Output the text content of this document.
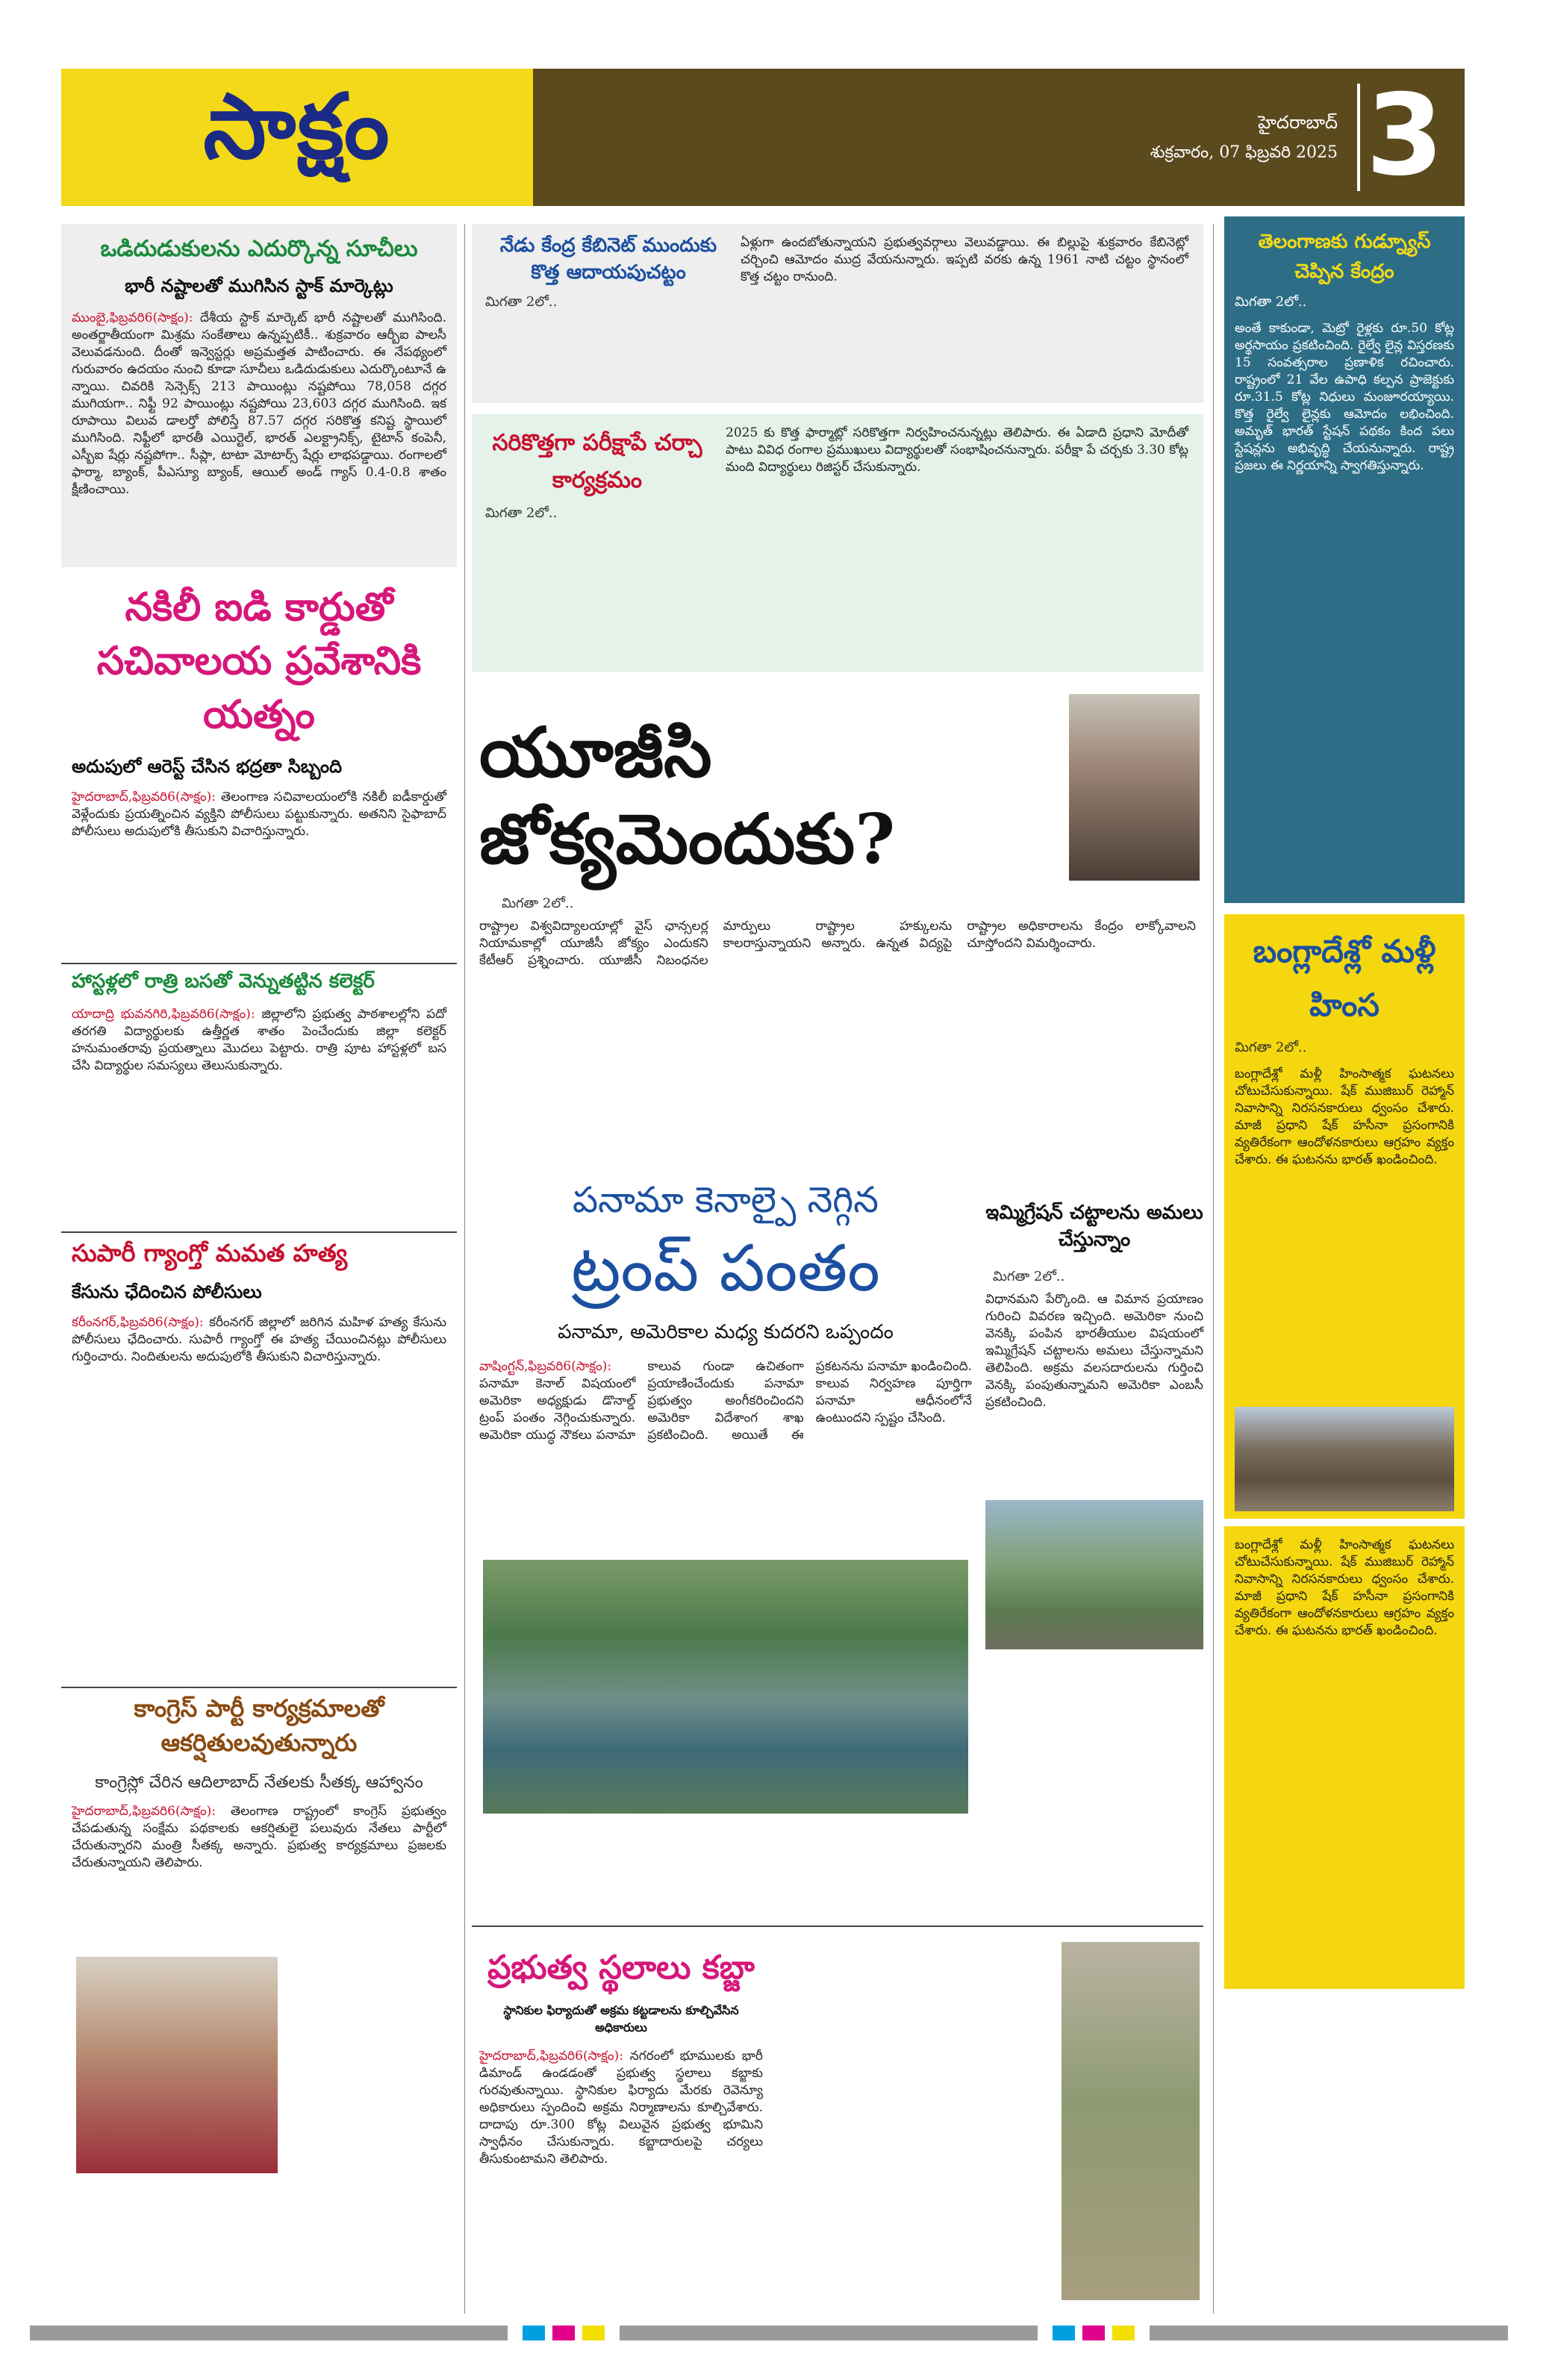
సాక్షం	హైదరాబాద్
శుక్రవారం, 07 ఫిబ్రవరి 2025 3
ఒడిదుడుకులను ఎదుర్కొన్న సూచీలు
భారీ నష్టాలతో ముగిసిన స్టాక్ మార్కెట్లు
ముంబై,ఫిబ్రవరి6(సాక్షం): దేశీయ స్టాక్ మార్కెట్ భారీ నష్టాలతో ముగిసింది. అంతర్జాతీయంగా మిశ్రమ సంకేతాలు ఉన్నప్పటికీ.. శుక్రవారం ఆర్బీఐ పాలసీ వెలువడనుంది. దీంతో ఇన్వెస్టర్లు అప్రమత్తత పాటించారు. ఈ నేపథ్యంలో గురువారం ఉదయం నుంచి కూడా సూచీలు ఒడిదుడుకులు ఎదుర్కొంటూనే ఉ న్నాయి. చివరికి సెన్సెక్స్ 213 పాయింట్లు నష్టపోయి 78,058 దగ్గర ముగియగా.. నిఫ్టీ 92 పాయింట్లు నష్టపోయి 23,603 దగ్గర ముగిసింది. ఇక రూపాయి విలువ డాలర్తో పోలిస్తే 87.57 దగ్గర సరికొత్త కనిష్ట స్థాయిలో ముగిసింది. నిఫ్టీలో భారతీ ఎయిర్టెల్, భారత్ ఎలక్ట్రానిక్స్, టైటాన్ కంపెనీ, ఎస్బీఐ షేర్లు నష్టపోగా.. సీప్లా, టాటా మోటార్స్ షేర్లు లాభపడ్డాయి. రంగాలలో ఫార్మా, బ్యాంక్, పీఎస్యూ బ్యాంక్, ఆయిల్ అండ్ గ్యాస్ 0.4-0.8 శాతం క్షీణించాయి.
నకిలీ ఐడి కార్డుతో సచివాలయ ప్రవేశానికి యత్నం
అదుపులో ఆరెస్ట్ చేసిన భద్రతా సిబ్బంది
హైదరాబాద్,ఫిబ్రవరి6(సాక్షం): తెలంగాణ సచివాలయంలోకి నకిలీ ఐడీకార్డుతో వెళ్లేందుకు ప్రయత్నించిన వ్యక్తిని పోలీసులు పట్టుకున్నారు. అతనిని సైఫాబాద్ పోలీసులు అదుపులోకి తీసుకుని విచారిస్తున్నారు.
హాస్టళ్లలో రాత్రి బసతో వెన్నుతట్టిన కలెక్టర్
యాదాద్రి భువనగిరి,ఫిబ్రవరి6(సాక్షం): జిల్లాలోని ప్రభుత్వ పాఠశాలల్లోని పదో తరగతి విద్యార్థులకు ఉత్తీర్ణత శాతం పెంచేందుకు జిల్లా కలెక్టర్ హనుమంతరావు ప్రయత్నాలు మొదలు పెట్టారు. రాత్రి పూట హాస్టళ్లలో బస చేసి విద్యార్థుల సమస్యలు తెలుసుకున్నారు.
సుపారీ గ్యాంగ్తో మమత హత్య
కేసును ఛేదించిన పోలీసులు
కరీంనగర్,ఫిబ్రవరి6(సాక్షం): కరీంనగర్ జిల్లాలో జరిగిన మహిళ హత్య కేసును పోలీసులు ఛేదించారు. సుపారీ గ్యాంగ్తో ఈ హత్య చేయించినట్లు పోలీసులు గుర్తించారు. నిందితులను అదుపులోకి తీసుకుని విచారిస్తున్నారు.
కాంగ్రెస్ పార్టీ కార్యక్రమాలతో ఆకర్షితులవుతున్నారు
కాంగ్రెస్లో చేరిన ఆదిలాబాద్ నేతలకు సీతక్క ఆహ్వానం
హైదరాబాద్,ఫిబ్రవరి6(సాక్షం): తెలంగాణ రాష్ట్రంలో కాంగ్రెస్ ప్రభుత్వం చేపడుతున్న సంక్షేమ పథకాలకు ఆకర్షితులై పలువురు నేతలు పార్టీలో చేరుతున్నారని మంత్రి సీతక్క అన్నారు. ప్రభుత్వ కార్యక్రమాలు ప్రజలకు చేరుతున్నాయని తెలిపారు.
నేడు కేంద్ర కేబినెట్ ముందుకు కొత్త ఆదాయపుచట్టం
మిగతా 2లో..
ఏళ్లుగా ఉందబోతున్నాయని ప్రభుత్వవర్గాలు వెలువడ్డాయి. ఈ బిల్లుపై శుక్రవారం కేబినెట్లో చర్చించి ఆమోదం ముద్ర వేయనున్నారు. ఇప్పటి వరకు ఉన్న 1961 నాటి చట్టం స్థానంలో కొత్త చట్టం రానుంది.
సరికొత్తగా పరీక్షాపే చర్చా కార్యక్రమం
మిగతా 2లో..
2025 కు కొత్త ఫార్మాట్లో సరికొత్తగా నిర్వహించనున్నట్లు తెలిపారు. ఈ ఏడాది ప్రధాని మోదీతో పాటు వివిధ రంగాల ప్రముఖులు విద్యార్థులతో సంభాషించనున్నారు. పరీక్షా పే చర్చకు 3.30 కోట్ల మంది విద్యార్థులు రిజిస్టర్ చేసుకున్నారు.
యూజీసి జోక్యమెందుకు?
మిగతా 2లో..
రాష్ట్రాల విశ్వవిద్యాలయాల్లో వైస్ ఛాన్సలర్ల నియామకాల్లో యూజీసీ జోక్యం ఎందుకని కేటీఆర్ ప్రశ్నించారు. యూజీసీ నిబంధనల మార్పులు రాష్ట్రాల హక్కులను కాలరాస్తున్నాయని అన్నారు. ఉన్నత విద్యపై రాష్ట్రాల అధికారాలను కేంద్రం లాక్కోవాలని చూస్తోందని విమర్శించారు.
పనామా కెనాల్పై నెగ్గిన
ట్రంప్ పంతం
పనామా, అమెరికాల మధ్య కుదరని ఒప్పందం
వాషింగ్టన్,ఫిబ్రవరి6(సాక్షం): పనామా కెనాల్ విషయంలో అమెరికా అధ్యక్షుడు డొనాల్డ్ ట్రంప్ పంతం నెగ్గించుకున్నారు. అమెరికా యుద్ధ నౌకలు పనామా కాలువ గుండా ఉచితంగా ప్రయాణించేందుకు పనామా ప్రభుత్వం అంగీకరించిందని అమెరికా విదేశాంగ శాఖ ప్రకటించింది. అయితే ఈ ప్రకటనను పనామా ఖండించింది. కాలువ నిర్వహణ పూర్తిగా పనామా ఆధీనంలోనే ఉంటుందని స్పష్టం చేసింది.
ఇమ్మిగ్రేషన్ చట్టాలను అమలు చేస్తున్నాం
మిగతా 2లో..
విధానమని పేర్కొంది. ఆ విమాన ప్రయాణం గురించి వివరణ ఇచ్చింది. అమెరికా నుంచి వెనక్కి పంపిన భారతీయుల విషయంలో ఇమ్మిగ్రేషన్ చట్టాలను అమలు చేస్తున్నామని తెలిపింది. అక్రమ వలసదారులను గుర్తించి వెనక్కి పంపుతున్నామని అమెరికా ఎంబసీ ప్రకటించింది.
ప్రభుత్వ స్థలాలు కబ్జా
స్థానికుల ఫిర్యాదుతో అక్రమ కట్టడాలను కూల్చివేసిన అధికారులు
హైదరాబాద్,ఫిబ్రవరి6(సాక్షం): నగరంలో భూములకు భారీ డిమాండ్ ఉండడంతో ప్రభుత్వ స్థలాలు కబ్జాకు గురవుతున్నాయి. స్థానికుల ఫిర్యాదు మేరకు రెవెన్యూ అధికారులు స్పందించి అక్రమ నిర్మాణాలను కూల్చివేశారు. దాదాపు రూ.300 కోట్ల విలువైన ప్రభుత్వ భూమిని స్వాధీనం చేసుకున్నారు. కబ్జాదారులపై చర్యలు తీసుకుంటామని తెలిపారు.
తెలంగాణకు గుడ్న్యూస్ చెప్పిన కేంద్రం
మిగతా 2లో..
అంతే కాకుండా, మెట్రో రైళ్లకు రూ.50 కోట్ల అర్థసాయం ప్రకటించింది. రైల్వే లైన్ల విస్తరణకు 15 సంవత్సరాల ప్రణాళిక రచించారు. రాష్ట్రంలో 21 వేల ఉపాధి కల్పన ప్రాజెక్టుకు రూ.31.5 కోట్ల నిధులు మంజూరయ్యాయి. కొత్త రైల్వే లైన్లకు ఆమోదం లభించింది. అమృత్ భారత్ స్టేషన్ పథకం కింద పలు స్టేషన్లను అభివృద్ధి చేయనున్నారు. రాష్ట్ర ప్రజలు ఈ నిర్ణయాన్ని స్వాగతిస్తున్నారు.
బంగ్లాదేశ్లో మళ్లీ హింస
మిగతా 2లో..
బంగ్లాదేశ్లో మళ్లీ హింసాత్మక ఘటనలు చోటుచేసుకున్నాయి. షేక్ ముజిబుర్ రెహ్మాన్ నివాసాన్ని నిరసనకారులు ధ్వంసం చేశారు. మాజీ ప్రధాని షేక్ హసీనా ప్రసంగానికి వ్యతిరేకంగా ఆందోళనకారులు ఆగ్రహం వ్యక్తం చేశారు. ఈ ఘటనను భారత్ ఖండించింది.
బంగ్లాదేశ్లో మళ్లీ హింసాత్మక ఘటనలు చోటుచేసుకున్నాయి. షేక్ ముజిబుర్ రెహ్మాన్ నివాసాన్ని నిరసనకారులు ధ్వంసం చేశారు. మాజీ ప్రధాని షేక్ హసీనా ప్రసంగానికి వ్యతిరేకంగా ఆందోళనకారులు ఆగ్రహం వ్యక్తం చేశారు. ఈ ఘటనను భారత్ ఖండించింది.
